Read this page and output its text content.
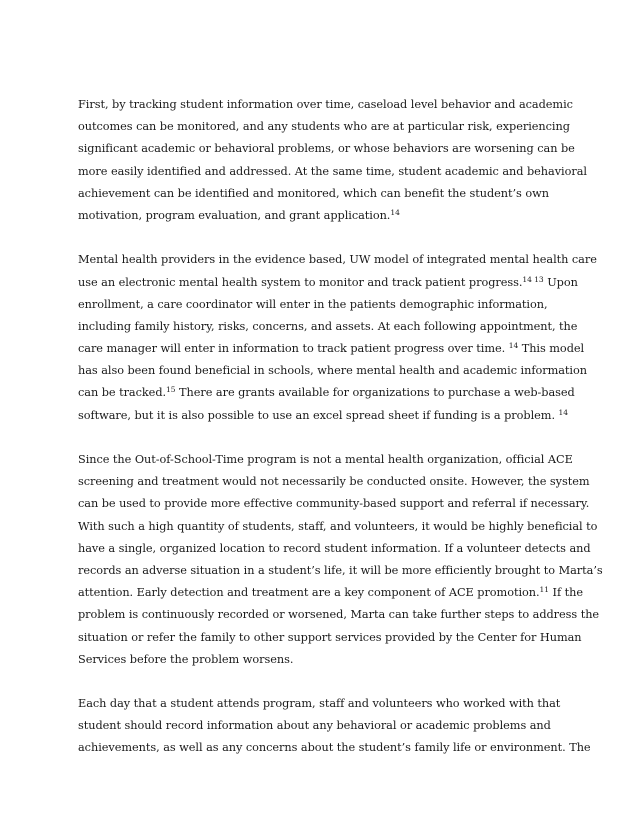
First, by tracking student information over time, caseload level behavior and academic
outcomes can be monitored, and any students who are at particular risk, experiencing
significant academic or behavioral problems, or whose behaviors are worsening can be
more easily identified and addressed. At the same time, student academic and behavioral
achievement can be identified and monitored, which can benefit the student’s own
motivation, program evaluation, and grant application.$^{14}$

Mental health providers in the evidence based, UW model of integrated mental health care
use an electronic mental health system to monitor and track patient progress.$^{14 13}$ Upon
enrollment, a care coordinator will enter in the patients demographic information,
including family history, risks, concerns, and assets. At each following appointment, the
care manager will enter in information to track patient progress over time. $^{14}$ This model
has also been found beneficial in schools, where mental health and academic information
can be tracked.$^{15}$ There are grants available for organizations to purchase a web-based
software, but it is also possible to use an excel spread sheet if funding is a problem. $^{14}$

Since the Out-of-School-Time program is not a mental health organization, official ACE
screening and treatment would not necessarily be conducted onsite. However, the system
can be used to provide more effective community-based support and referral if necessary.
With such a high quantity of students, staff, and volunteers, it would be highly beneficial to
have a single, organized location to record student information. If a volunteer detects and
records an adverse situation in a student’s life, it will be more efficiently brought to Marta’s
attention. Early detection and treatment are a key component of ACE promotion.$^{11}$ If the
problem is continuously recorded or worsened, Marta can take further steps to address the
situation or refer the family to other support services provided by the Center for Human
Services before the problem worsens.

Each day that a student attends program, staff and volunteers who worked with that
student should record information about any behavioral or academic problems and
achievements, as well as any concerns about the student’s family life or environment. The
